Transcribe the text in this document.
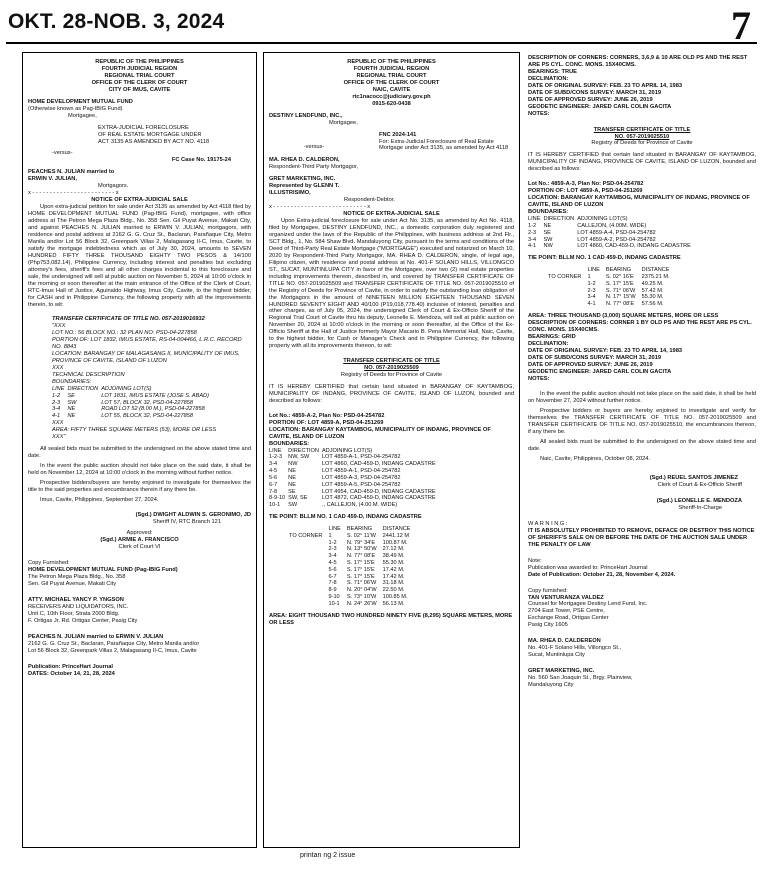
OKT. 28-NOB. 3, 2024	7
REPUBLIC OF THE PHILIPPINES
FOURTH JUDICIAL REGION
REGIONAL TRIAL COURT
OFFICE OF THE CLERK OF COURT
CITY OF IMUS, CAVITE
HOME DEVELOPMENT MUTUAL FUND
(Otherwise known as Pag-IBIG Fund)
Mortgagee,
EXTRA-JUDICIAL FORECLOSURE
OF REAL ESTATE MORTGAGE UNDER
ACT 3135 AS AMENDED BY ACT NO. 4118
-versus-
FC Case No. 19175-24
PEACHES N. JULIAN married to
ERWIN V. JULIAN,
Mortgagors.
x - - - - - - - - - - - - - - - - - - - - - - - - x
NOTICE OF EXTRA-JUDICIAL SALE

Upon extra-judicial petition for sale under Act 3135 as amended by Act 4118 filed by HOME DEVELOPMENT MUTUAL FUND (Pag-IBIG Fund), mortgagee, with office address at The Petron Mega Plaza Bldg., No. 358 Sen. Gil Puyat Avenue, Makati City, and against PEACHES N. JULIAN married to ERWIN V. JULIAN, mortgagors, with residence and postal address at 2162 G. G. Cruz St., Baclaran, Parañaque City, Metro Manila and/or Lot 56 Block 32, Greenpark Villas 2, Malagasang II-C, Imus, Cavite, to satisfy the mortgage indebtedness which as of July 30, 2024, amounts to SEVEN HUNDRED FIFTY THREE THOUSAND EIGHTY TWO PESOS & 14/100 (Php753,082.14), Philippine Currency, including interest and penalties but excluding attorney's fees, sheriff's fees and all other charges incidental to this foreclosure and sale, the undersigned will sell at public auction on November 5, 2024 at 10:00 o'clock in the morning or soon thereafter at the main entrance of the Office of the Clerk of Court, RTC-Imus Hall of Justice, Aguinaldo Highway, Imus City, Cavite, to the highest bidder, for CASH and in Philippine Currency, the following property with all the improvements therein, to wit:

TRANSFER CERTIFICATE OF TITLE NO. 057-2019016932
"XXX
LOT NO.: 56 BLOCK NO.: 32 PLAN NO: PSD-04-227858
PORTION OF: LOT 1832, IMUS ESTATE, RS-04-004466, L.R.C. RECORD NO. 8843
LOCATION: BARANGAY OF MALAGASANG II, MUNICIPALITY OF IMUS, PROVINCE OF CAVITE, ISLAND OF LUZON
XXX
TECHNICAL DESCRIPTION
BOUNDARIES:
LINE	DIRECTION	ADJOINING LOT(S)
1-2	SE	LOT 1831, IMUS ESTATE (JOSE S. ABAD)
2-3	SW	LOT 57, BLOCK 32, PSD-04-227858
3-4	NE	ROAD LOT 52 (8.00 M.), PSD-04-227858
4-1	NE	LOT 55, BLOCK 32, PSD-04-227858
XXX
AREA: FIFTY THREE SQUARE METERS (53), MORE OR LESS
XXX"

All sealed bids must be submitted to the undersigned on the above stated time and date.

In the event the public auction should not take place on the said date, it shall be held on November 12, 2024 at 10:00 o'clock in the morning without further notice.

Prospective bidders/buyers are hereby enjoined to investigate for themselves the title to the said properties and encumbrance therein if any there be.

Imus, Cavite, Philippines, September 27, 2024.

(Sgd.) DWIGHT ALDWIN S. GERONIMO, JD
Sheriff IV, RTC Branch 121
Approved:
(Sgd.) ARMIE A. FRANCISCO
Clerk of Court VI
Copy Furnished:
HOME DEVELOPMENT MUTUAL FUND (Pag-IBIG Fund)
The Petron Mega Plaza Bldg., No. 358
Sen. Gil Puyat Avenue, Makati City
ATTY. MICHAEL YANCY P. YNGSON
RECEIVERS AND LIQUIDATORS, INC.
Unit C, 10th Floor, Strata 2000 Bldg.
F. Ortigas Jr. Rd. Ortigas Center, Pasig City
PEACHES N. JULIAN married to ERWIN V. JULIAN
2162 G. G. Cruz St., Baclaran, Parañaque City, Metro Manila and/or
Lot 56 Block 32, Greenpark Villas 2, Malagasang II-C, Imus, Cavite
Publication: PrinceHart Journal
DATES: October 14, 21, 28, 2024
REPUBLIC OF THE PHILIPPINES
FOURTH JUDICIAL REGION
REGIONAL TRIAL COURT
OFFICE OF THE CLERK OF COURT
NAIC, CAVITE
rtc1nacocc@judiciary.gov.ph
0915-620-0438
DESTINY LENDFUND, INC.,
Mortgagee,
-versus-
FNC 2024-141
For: Extra-Judicial Foreclosure of Real Estate Mortgage under Act 3135, as amended by Act 4118
MA. RHEA D. CALDERON,
Respondent-Third Party Mortgagor,
GRET MARKETING, INC.
Represented by GLENN T.
ILLUSTRISIMO,
Respondent-Debtor.
x - - - - - - - - - - - - - - - - - - - - - - - - - - - x
NOTICE OF EXTRA-JUDICIAL SALE

Upon Extra-judicial foreclosure for sale under Act No. 3135, as amended by Act No. 4118, filed by Mortgagee, DESTINY LENDFUND, INC., a domestic corporation duly registered and organized under the laws of the Republic of the Philippines, with business address at 2nd Flr., SCT Bldg., 1, No. 584 Shaw Blvd. Mandaluyong City, pursuant to the terms and conditions of the Deed of Third-Party Real Estate Mortgage ("MORTGAGE") executed and notarized on March 10, 2020 by Respondent-Third Party Mortgagor, MA. RHEA D. CALDERON, single, of legal age, Filipino citizen, with residence and postal address at No. 401-F SOLANO HILLS, VILLONGCO ST., SUCAT, MUNTINLUPA CITY in favor of the Mortgagee, over two (2) real estate properties including improvements thereon, described in, and covered by TRANSFER CERTIFICATE OF TITLE NO. 057-2019025509 and TRANSFER CERTIFICATE OF TITLE NO. 057-2019025510 of the Registry of Deeds for Province of Cavite, in order to satisfy the outstanding loan obligation of the Mortgagors in the amount of NINETEEN MILLION EIGHTEEN THOUSAND SEVEN HUNDRED SEVENTY EIGHT AND 40/100 (P19,018,778.40) inclusive of interest, penalties and other charges, as of July 05, 2024, the undersigned Clerk of Court & Ex-Officio Sheriff of the Regional Trial Court of Cavite thru his deputy, Leonelle E. Mendoza, will sell at public auction on November 20, 2024 at 10:00 o'clock in the morning or soon thereafter, at the Office of the Ex-Officio Sheriff at the Hall of Justice formerly Mayor Macario B. Pena Memorial Hall, Naic, Cavite, to the highest bidder, for Cash or Manager's Check and in Philippine Currency, the following property with all its improvements thereon, to wit:

TRANSFER CERTIFICATE OF TITLE
NO. 057-2019025509
Registry of Deeds for Province of Cavite

IT IS HEREBY CERTIFIED that certain land situated in BARANGAY OF KAYTAMBOG, MUNICIPALITY OF INDANG, PROVINCE OF CAVITE, ISLAND OF LUZON, bounded and described as follows:

Lot No.: 4859-A-2, Plan No: PSD-04-254782
PORTION OF: LOT 4859-A, PSD-04-251269
LOCATION: BARANGAY KAYTAMBOG, MUNICIPALITY OF INDANG, PROVINCE OF CAVITE, ISLAND OF LUZON
BOUNDARIES:
LINE	DIRECTION	ADJOINING LOT(S)
1-2-3	NW, SW	LOT 4859-A-1, PSD-04-254782
3-4	NW	LOT 4860, CAD-459-D, INDANG CADASTRE
4-5	NE	LOT 4859-A-1, PSD-04-254782
5-6	NE	LOT 4859-A-3, PSD-04-254782
6-7	NE	LOT 4859-A-5, PSD-04-254782
7-8	SE	LOT 4954, CAD-459-D, INDANG CADASTRE
8-9-10	SW, SE	LOT 4872, CAD-459-D, INDANG CADASTRE
10-1	SW	., CALLEJON, (4.00 M. WIDE)
TIE POINT: BLLM NO. 1 CAD 459-D, INDANG CADASTRE
	LINE	BEARING	DISTANCE
TO CORNER	1	S. 02° 11'W	2441.12 M
	1-2	N. 79° 34'E	100.87 M.
	2-3	N. 13° 50'W	27.12 M.
	3-4	N. 77° 08'E	38.49 M.
	4-5	S. 17° 15'E	55.30 M.
	5-6	S. 17° 15'E	17.42 M.
	6-7	S. 17° 15'E	17.42 M.
	7-8	S. 71° 06'W	31.18 M.
	8-9	N. 20° 04'W	22.50 M.
	9-10	S. 73° 10'W	100.85 M.
	10-1	N. 24° 26'W	56.13 M.
AREA: EIGHT THOUSAND TWO HUNDRED NINETY FIVE (8,295) SQUARE METERS, MORE OR LESS
DESCRIPTION OF CORNERS: CORNERS, 3,6,9 & 10 ARE OLD PS AND THE REST ARE PS CYL. CONC. MONS. 15X40CMS.
BEARINGS: TRUE
DECLINATION:
DATE OF ORIGINAL SURVEY: FEB. 23 TO APRIL 14, 1983
DATE OF SUBD/CONS SURVEY: MARCH 31, 2019
DATE OF APPROVED SURVEY: JUNE 26, 2019
GEODETIC ENGINEER: JARED CARL COLIN GACITA
NOTES:
TRANSFER CERTIFICATE OF TITLE
NO. 057-2019025510
Registry of Deeds for Province of Cavite

IT IS HEREBY CERTIFIED that certain land situated in BARANGAY OF KAYTAMBOG, MUNICIPALITY OF INDANG, PROVINCE OF CAVITE, ISLAND OF LUZON, bounded and described as follows:

Lot No.: 4859-A-3, Plan No: PSD-04-254782
PORTION OF: LOT 4859-A, PSD-04-251269
LOCATION: BARANGAY KAYTAMBOG, MUNICIPALITY OF INDANG, PROVINCE OF CAVITE, ISLAND OF LUZON
BOUNDARIES:
LINE	DIRECTION	ADJOINING LOT(S)
1-2	NE	CALLEJON, (4.00M. WIDE)
2-3	SE	LOT 4859-A-4, PSD-04-254782
3-4	SW	LOT 4859-A-2, PSD-04-254782
4-1	NW	LOT 4860, CAD-459-D, INDANG CADASTRE
TIE POINT: BLLM NO. 1 CAD 459-D, INDANG CADASTRE
	LINE	BEARING	DISTANCE
TO CORNER	1	S. 02° 16'E	2375.21 M.
	1-2	S. 17° 15'E	49.25 M.
	2-3	S. 71° 06'W	57.42 M.
	3-4	N. 17° 15'W	55.30 M.
	4-1	N. 77° 08'E	57.56 M.
AREA: THREE THOUSAND (3,000) SQUARE METERS, MORE OR LESS
DESCRIPTION OF CORNERS: CORNER 1 BY OLD PS AND THE REST ARE PS CYL. CONC. MONS. 15X40CMS.
BEARINGS: GRID
DECLINATION:
DATE OF ORIGINAL SURVEY: FEB. 23 TO APRIL 14, 1983
DATE OF SUBD/CONS SURVEY: MARCH 31, 2019
DATE OF APPROVED SURVEY: JUNE 26, 2019
GEODETIC ENGINEER: JARED CARL COLIN GACITA
NOTES:

In the event the public auction should not take place on the said date, it shall be held on November 27, 2024 without further notice.

Prospective bidders or buyers are hereby enjoined to investigate and verify for themselves the TRANSFER CERTIFICATE OF TITLE NO. 057-2019025509 and TRANSFER CERTIFICATE OF TITLE NO. 057-2019025510, the encumbrances thereon, if any there be.

All sealed bids must be submitted to the undersigned on the above stated time and date.

Naic, Cavite, Philippines, October 08, 2024.

(Sgd.) REUEL SANTOS JIMENEZ
Clerk of Court & Ex-Officio Sheriff
(Sgd.) LEONELLE E. MENDOZA
Sheriff-In-Charge
W A R N I N G :
IT IS ABSOLUTELY PROHIBITED TO REMOVE, DEFACE OR DESTROY THIS NOTICE OF SHERIFF'S SALE ON OR BEFORE THE DATE OF THE AUCTION SALE UNDER THE PENALTY OF LAW
Note:
Publication was awarded to: PrinceHart Journal
Date of Publication: October 21, 28, November 4, 2024.
Copy furnished:
TAN VENTURANZA VALDEZ
Counsel for Mortgagee Destiny Lend Fund, Inc.
2704 East Tower, PSE Centre,
Exchange Road, Ortigas Center
Pasig City 1605
MA. RHEA D. CALDEREON
No. 401-F Solano Hills, Villongco St.,
Sucat, Muntinlupa City
GRET MARKETING, INC.
No. 560 San Joaquin St., Brgy. Plainview,
Mandaluyong City
printan ng 2 issue
